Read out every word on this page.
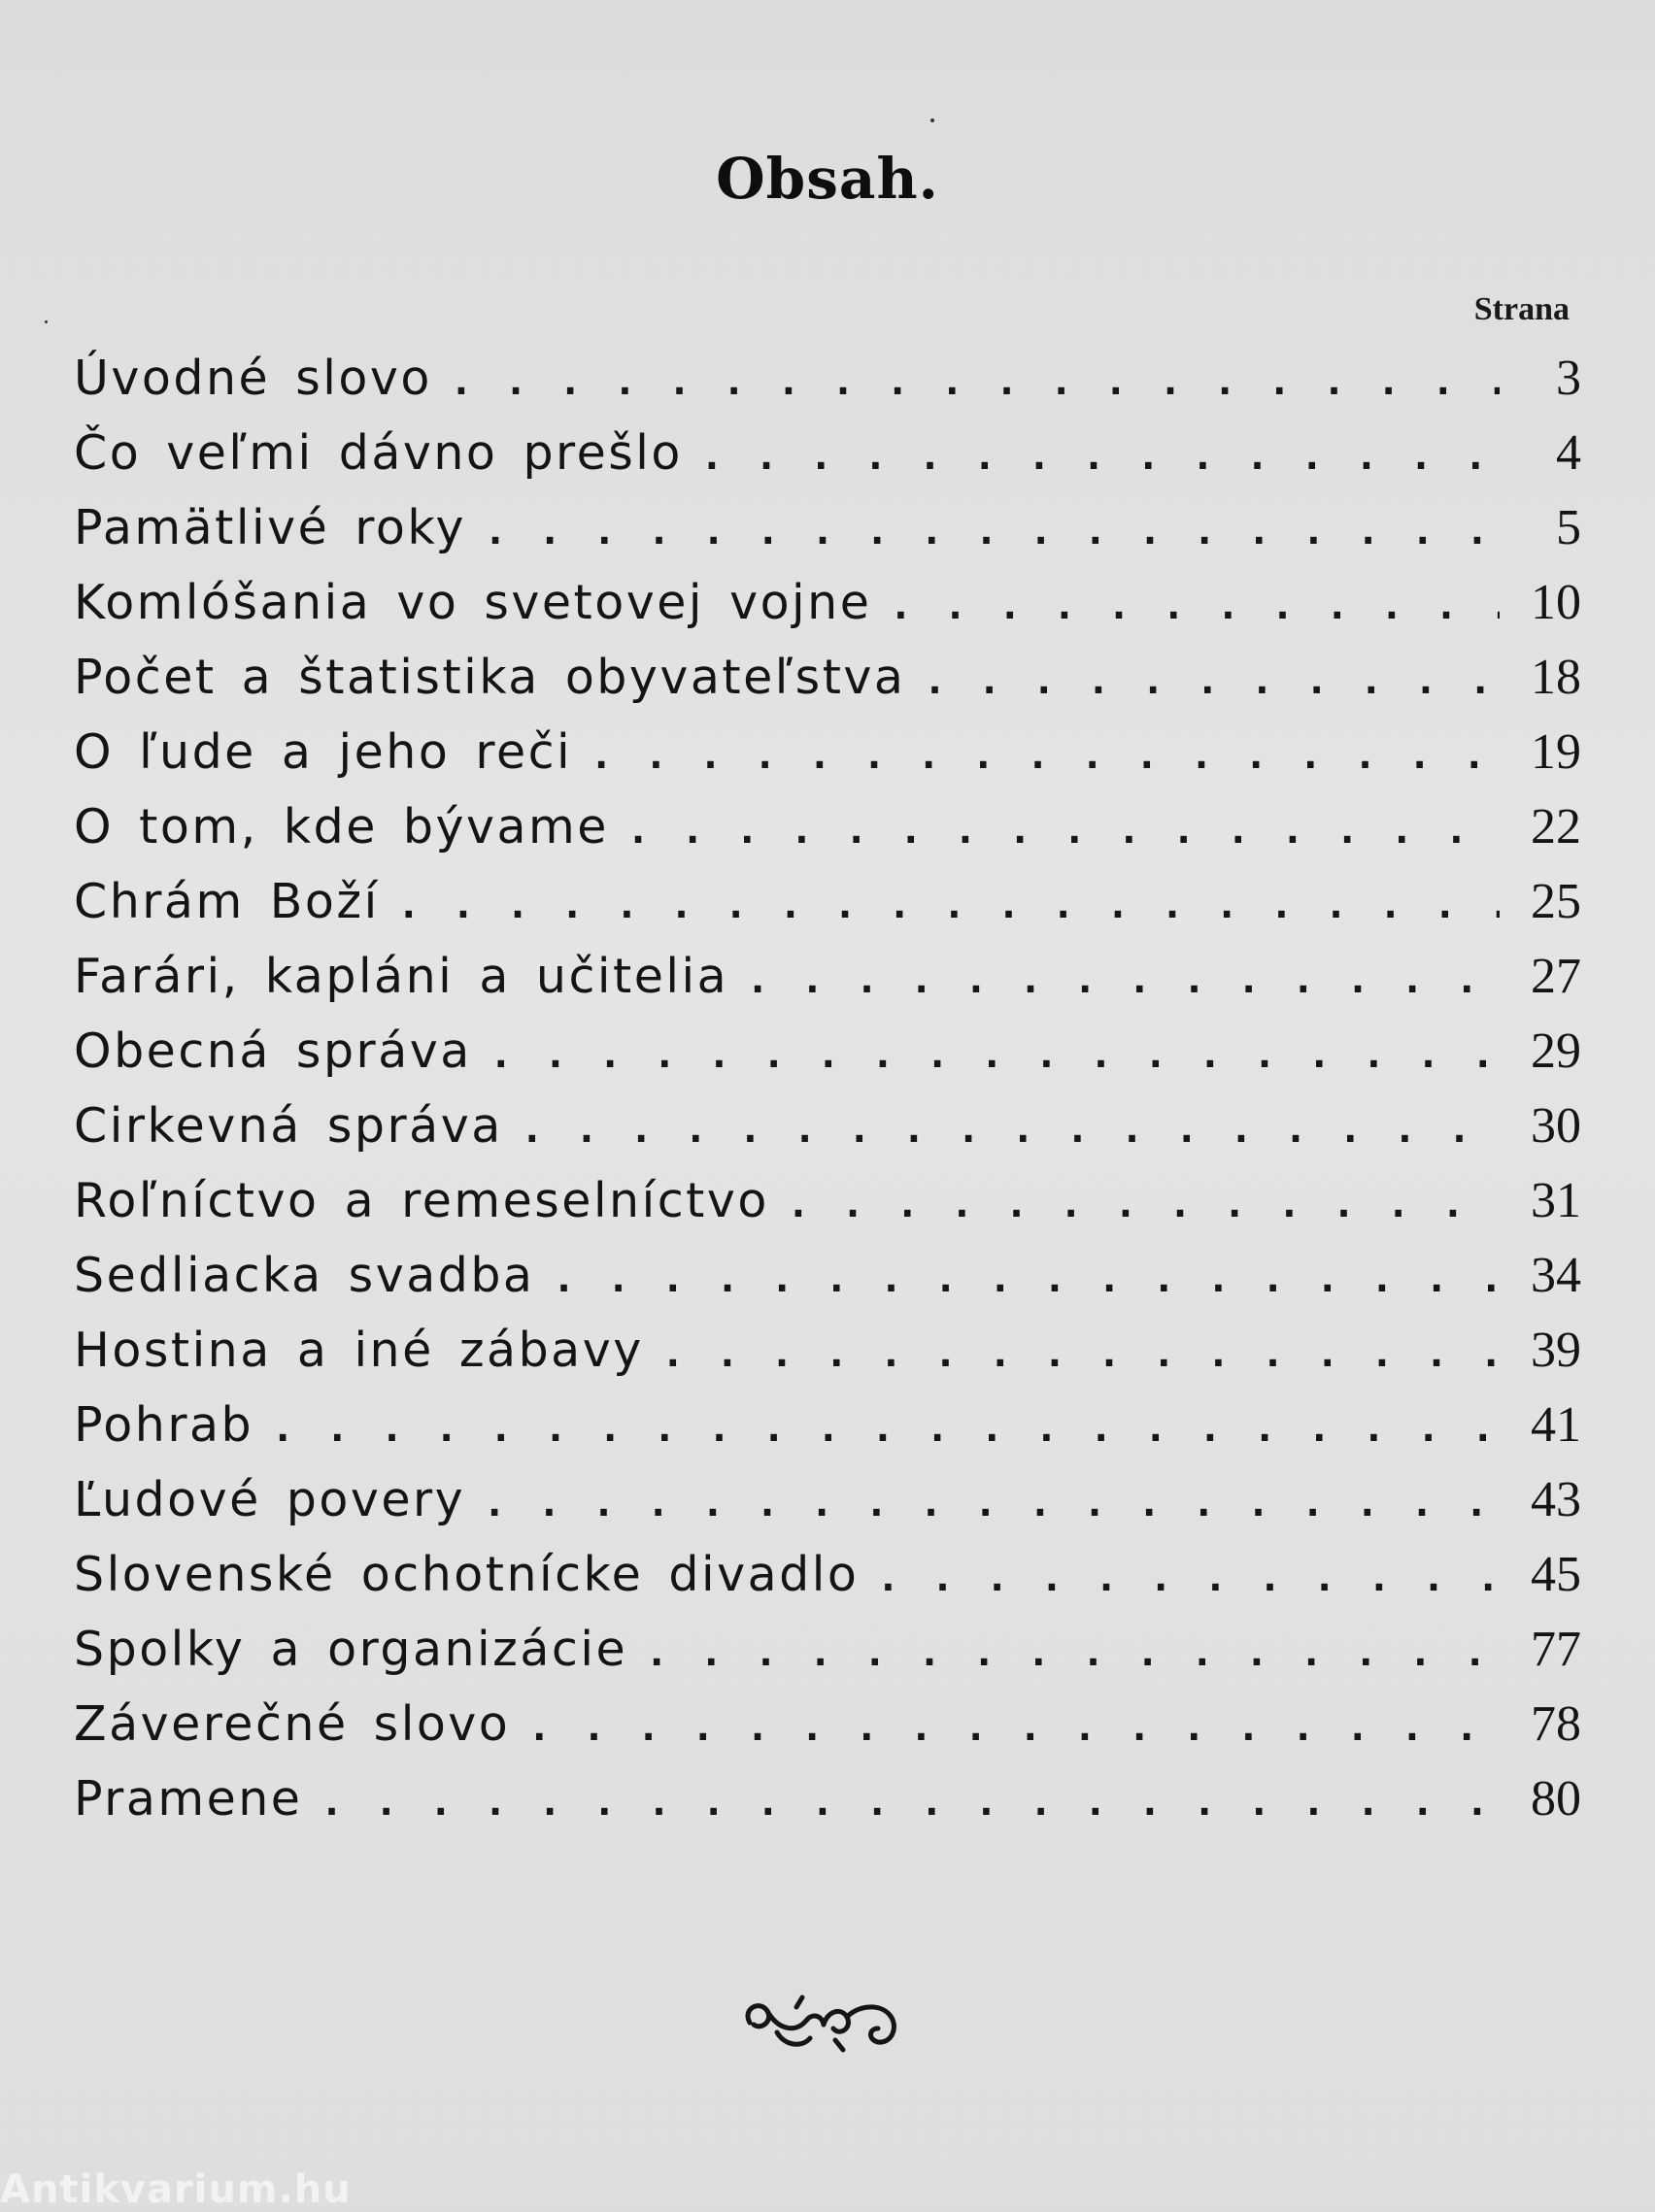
Obsah.
Strana
Úvodné slovo . . .	3
Čo veľmi dávno prešlo . . .	4
Pamätlivé roky . . .	5
Komlóšania vo svetovej vojne . . .	10
Počet a štatistika obyvateľstva . . .	18
O ľude a jeho reči . . .	19
O tom, kde bývame . . .	22
Chrám Boží . . .	25
Farári, kapláni a učitelia . . .	27
Obecná správa . . .	29
Cirkevná správa . . .	30
Roľníctvo a remeselníctvo . . .	31
Sedliacka svadba . . .	34
Hostina a iné zábavy . . .	39
Pohrab . . .	41
Ľudové povery . . .	43
Slovenské ochotnícke divadlo . . .	45
Spolky a organizácie . . .	77
Záverečné slovo . . .	78
Pramene . . .	80
Antikvarium.hu
